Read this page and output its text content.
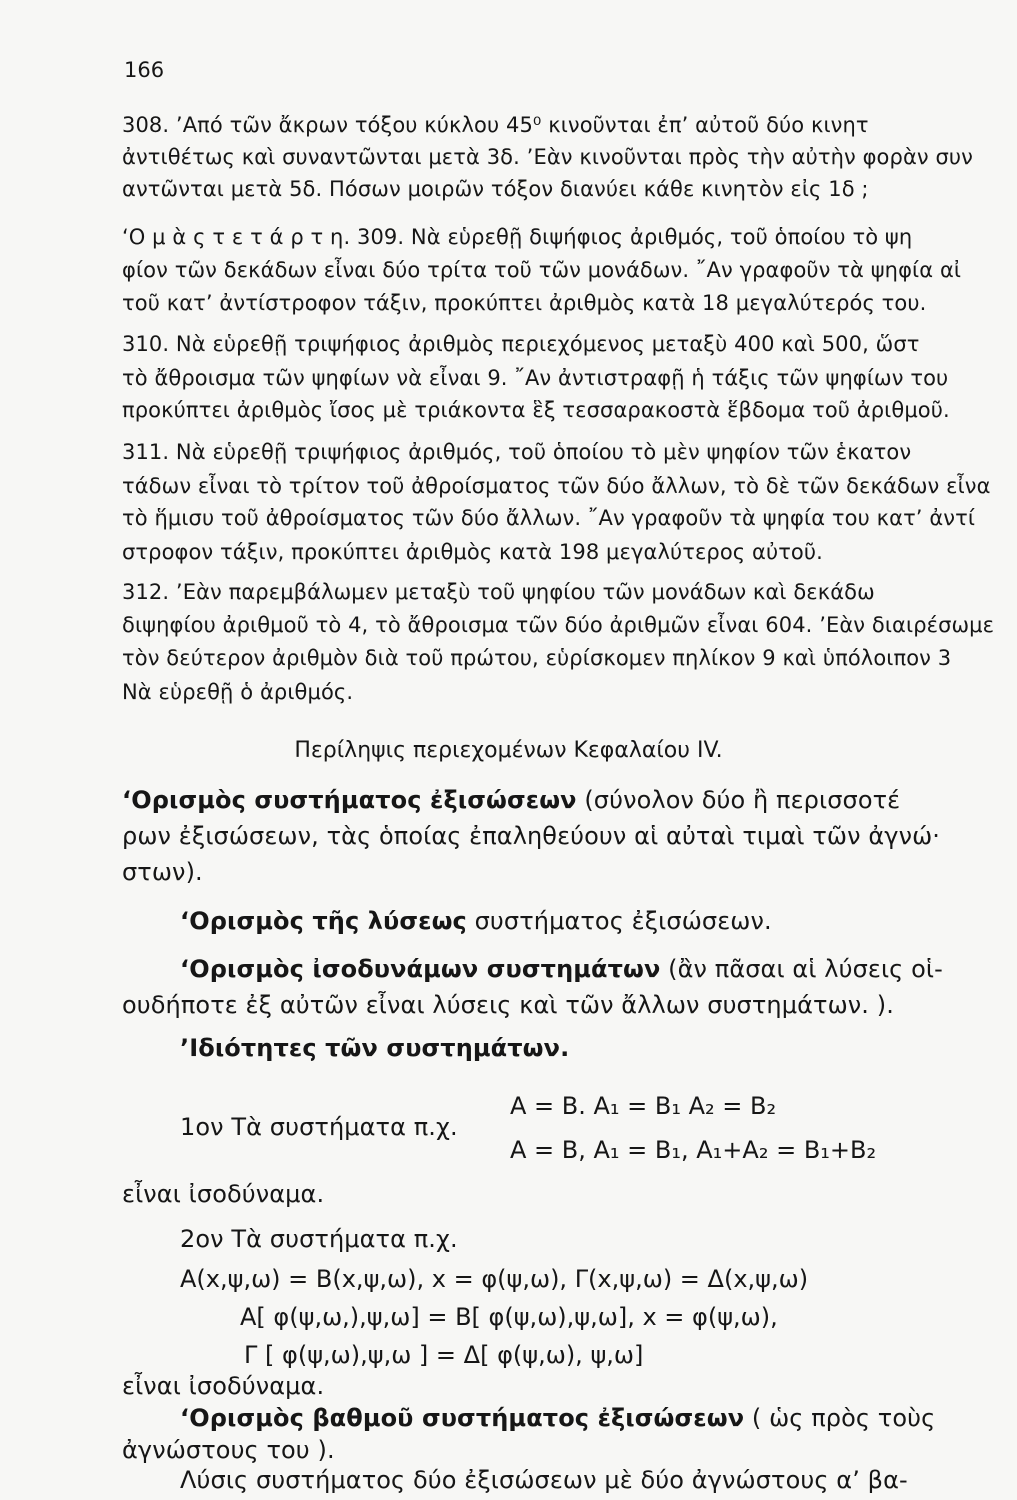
166
308. ’Από τῶν ἄκρων τόξου κύκλου 45⁰ κινοῦνται ἐπ’ αὐτοῦ δύο κινητ
ἀντιθέτως καὶ συναντῶνται μετὰ 3δ. ’Εὰν κινοῦνται πρὸς τὴν αὐτὴν φορὰν συν
αντῶνται μετὰ 5δ. Πόσων μοιρῶν τόξον διανύει κάθε κινητὸν εἰς 1δ ;
‘Ο μ ὰ ς τ ε τ ά ρ τ η. 309. Νὰ εὑρεθῇ διψήφιος ἀριθμός, τοῦ ὁποίου τὸ ψη
φίον τῶν δεκάδων εἶναι δύο τρίτα τοῦ τῶν μονάδων. ῎Αν γραφοῦν τὰ ψηφία αἰ
τοῦ κατ’ ἀντίστροφον τάξιν, προκύπτει ἀριθμὸς κατὰ 18 μεγαλύτερός του.
310. Νὰ εὑρεθῇ τριψήφιος ἀριθμὸς περιεχόμενος μεταξὺ 400 καὶ 500, ὥστ
τὸ ἄθροισμα τῶν ψηφίων νὰ εἶναι 9. ῎Αν ἀντιστραφῇ ἡ τάξις τῶν ψηφίων του
προκύπτει ἀριθμὸς ἴσος μὲ τριάκοντα ἓξ τεσσαρακοστὰ ἕβδομα τοῦ ἀριθμοῦ.
311. Νὰ εὑρεθῇ τριψήφιος ἀριθμός, τοῦ ὁποίου τὸ μὲν ψηφίον τῶν ἑκατον
τάδων εἶναι τὸ τρίτον τοῦ ἀθροίσματος τῶν δύο ἄλλων, τὸ δὲ τῶν δεκάδων εἶνα
τὸ ἥμισυ τοῦ ἀθροίσματος τῶν δύο ἄλλων. ῎Αν γραφοῦν τὰ ψηφία του κατ’ ἀντί
στροφον τάξιν, προκύπτει ἀριθμὸς κατὰ 198 μεγαλύτερος αὐτοῦ.
312. ’Εὰν παρεμβάλωμεν μεταξὺ τοῦ ψηφίου τῶν μονάδων καὶ δεκάδω
διψηφίου ἀριθμοῦ τὸ 4, τὸ ἄθροισμα τῶν δύο ἀριθμῶν εἶναι 604. ’Εὰν διαιρέσωμε
τὸν δεύτερον ἀριθμὸν διὰ τοῦ πρώτου, εὑρίσκομεν πηλίκον 9 καὶ ὑπόλοιπον 3
Νὰ εὑρεθῇ ὁ ἀριθμός.
Περίληψις περιεχομένων Κεφαλαίου IV.
‘Ορισμὸς συστήματος ἐξισώσεων (σύνολον δύο ἢ περισσοτέ
ρων ἐξισώσεων, τὰς ὁποίας ἐπαληθεύουν αἱ αὐταὶ τιμαὶ τῶν ἀγνώ·
στων).
‘Ορισμὸς τῆς λύσεως συστήματος ἐξισώσεων.
‘Ορισμὸς ἰσοδυνάμων συστημάτων (ἂν πᾶσαι αἱ λύσεις οἱ-
ουδήποτε ἐξ αὐτῶν εἶναι λύσεις καὶ τῶν ἄλλων συστημάτων. ).
’Ιδιότητες τῶν συστημάτων.
1ον Τὰ συστήματα π.χ.
Α = Β. Α₁ = Β₁ Α₂ = Β₂
Α = Β, Α₁ = Β₁, Α₁+Α₂ = Β₁+Β₂
εἶναι ἰσοδύναμα.
2ον Τὰ συστήματα π.χ.
Α(x,ψ,ω) = Β(x,ψ,ω), x = φ(ψ,ω), Γ(x,ψ,ω) = Δ(x,ψ,ω)
Α[ φ(ψ,ω,),ψ,ω] = Β[ φ(ψ,ω),ψ,ω], x = φ(ψ,ω),
Γ [ φ(ψ,ω),ψ,ω ] = Δ[ φ(ψ,ω), ψ,ω]
εἶναι ἰσοδύναμα.
‘Ορισμὸς βαθμοῦ συστήματος ἐξισώσεων ( ὡς πρὸς τοὺς
ἀγνώστους του ).
Λύσις συστήματος δύο ἐξισώσεων μὲ δύο ἀγνώστους α’ βα-
